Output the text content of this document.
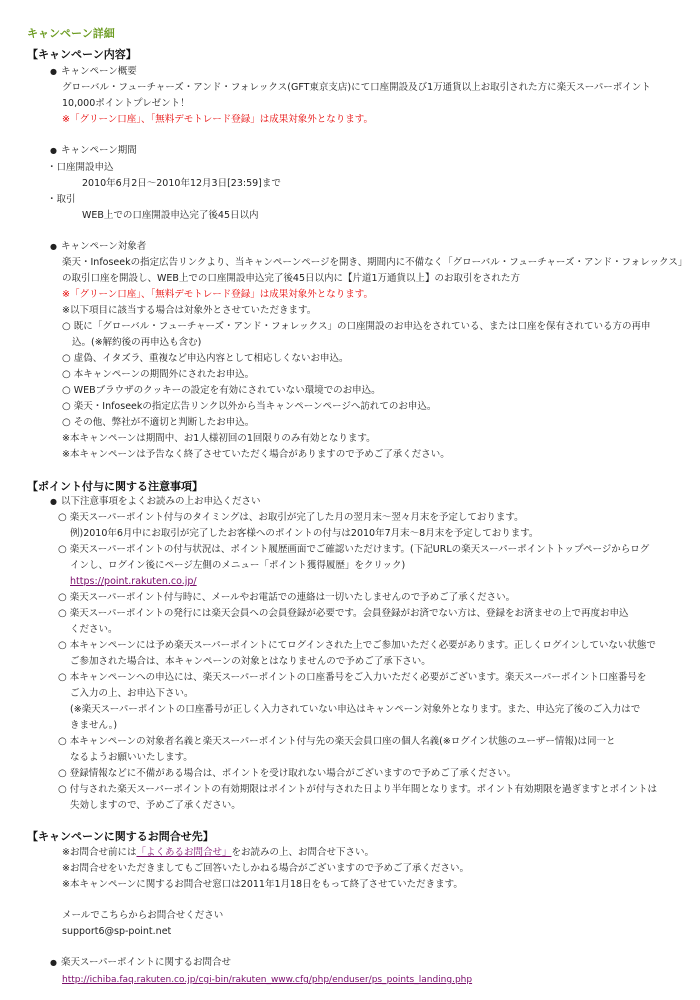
キャンペーン詳細
【キャンペーン内容】
● キャンペーン概要
グローバル・フューチャーズ・アンド・フォレックス(GFT東京支店)にて口座開設及び1万通貨以上お取引された方に楽天スーパーポイント
10,000ポイントプレゼント！
※「グリーン口座」、「無料デモトレード登録」は成果対象外となります。
● キャンペーン期間
・口座開設申込
2010年6月2日～2010年12月3日[23:59]まで
・取引
WEB上での口座開設申込完了後45日以内
● キャンペーン対象者
楽天・Infoseekの指定広告リンクより、当キャンペーンページを開き、期間内に不備なく「グローバル・フューチャーズ・アンド・フォレックス」
の取引口座を開設し、WEB上での口座開設申込完了後45日以内に【片道1万通貨以上】のお取引をされた方
※「グリーン口座」、「無料デモトレード登録」は成果対象外となります。
※以下項目に該当する場合は対象外とさせていただきます。
○ 既に「グローバル・フューチャーズ・アンド・フォレックス」の口座開設のお申込をされている、または口座を保有されている方の再申
込。(※解約後の再申込も含む)
○ 虚偽、イタズラ、重複など申込内容として相応しくないお申込。
○ 本キャンペーンの期間外にされたお申込。
○ WEBブラウザのクッキーの設定を有効にされていない環境でのお申込。
○ 楽天・Infoseekの指定広告リンク以外から当キャンペーンページへ訪れてのお申込。
○ その他、弊社が不適切と判断したお申込。
※本キャンペーンは期間中、お1人様初回の1回限りのみ有効となります。
※本キャンペーンは予告なく終了させていただく場合がありますので予めご了承ください。
【ポイント付与に関する注意事項】
● 以下注意事項をよくお読みの上お申込ください
○ 楽天スーパーポイント付与のタイミングは、お取引が完了した月の翌月末～翌々月末を予定しております。
例)2010年6月中にお取引が完了したお客様へのポイントの付与は2010年7月末～8月末を予定しております。
○ 楽天スーパーポイントの付与状況は、ポイント履歴画面でご確認いただけます。(下記URLの楽天スーパーポイントトップページからログ
インし、ログイン後にページ左側のメニュー「ポイント獲得履歴」をクリック)
https://point.rakuten.co.jp/
○ 楽天スーパーポイント付与時に、メールやお電話での連絡は一切いたしませんので予めご了承ください。
○ 楽天スーパーポイントの発行には楽天会員への会員登録が必要です。会員登録がお済でない方は、登録をお済ませの上で再度お申込
ください。
○ 本キャンペーンには予め楽天スーパーポイントにてログインされた上でご参加いただく必要があります。正しくログインしていない状態で
ご参加された場合は、本キャンペーンの対象とはなりませんので予めご了承下さい。
○ 本キャンペーンへの申込には、楽天スーパーポイントの口座番号をご入力いただく必要がございます。楽天スーパーポイント口座番号を
ご入力の上、お申込下さい。
(※楽天スーパーポイントの口座番号が正しく入力されていない申込はキャンペーン対象外となります。また、申込完了後のご入力はで
きません。)
○ 本キャンペーンの対象者名義と楽天スーパーポイント付与先の楽天会員口座の個人名義(※ログイン状態のユーザー情報)は同一と
なるようお願いいたします。
○ 登録情報などに不備がある場合は、ポイントを受け取れない場合がございますので予めご了承ください。
○ 付与された楽天スーパーポイントの有効期限はポイントが付与された日より半年間となります。ポイント有効期限を過ぎますとポイントは
失効しますので、予めご了承ください。
【キャンペーンに関するお問合せ先】
※お問合せ前には「よくあるお問合せ」をお読みの上、お問合せ下さい。
※お問合せをいただきましてもご回答いたしかねる場合がございますので予めご了承ください。
※本キャンペーンに関するお問合せ窓口は2011年1月18日をもって終了させていただきます。
メールでこちらからお問合せください
support6@sp-point.net
● 楽天スーパーポイントに関するお問合せ
http://ichiba.faq.rakuten.co.jp/cgi-bin/rakuten_www.cfg/php/enduser/ps_points_landing.php
